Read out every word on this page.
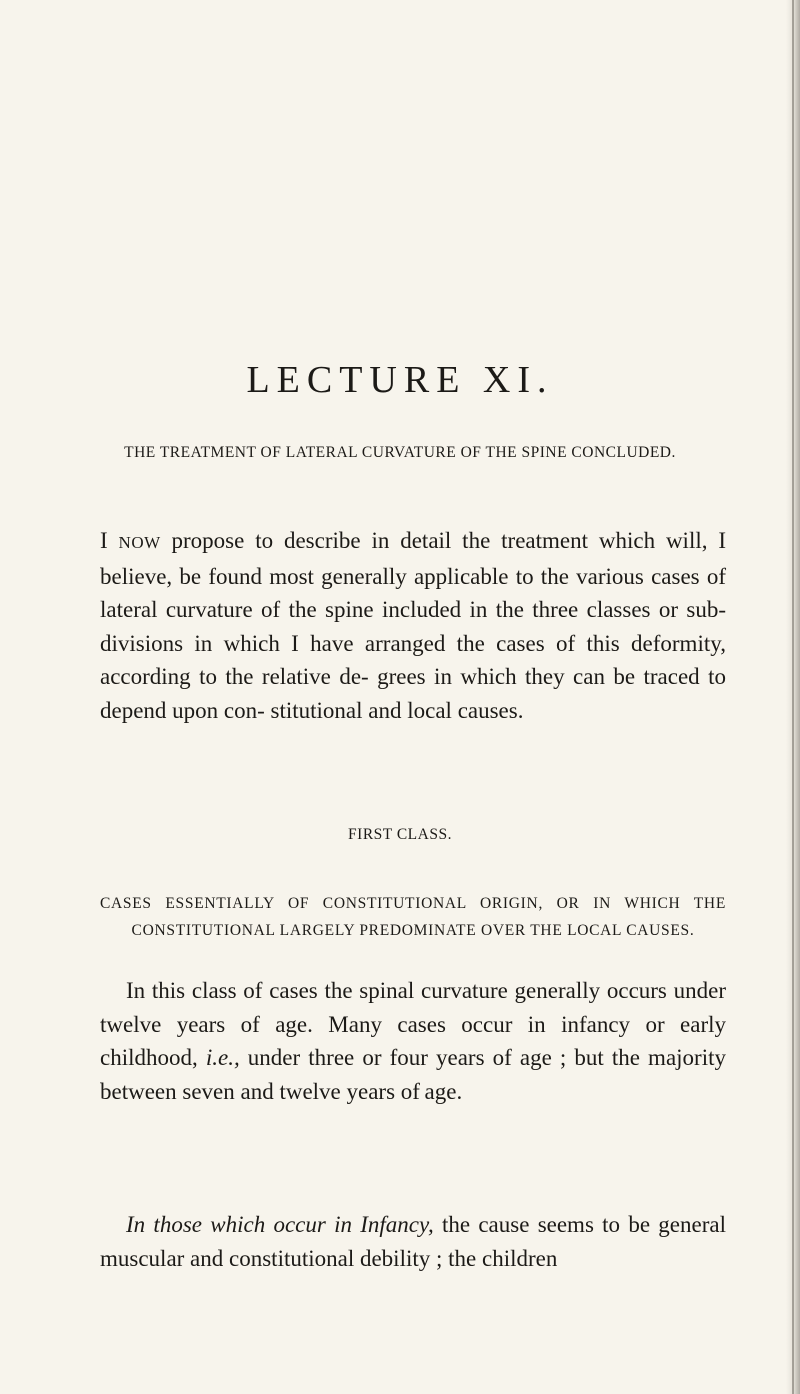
LECTURE XI.
THE TREATMENT OF LATERAL CURVATURE OF THE SPINE CONCLUDED.

I NOW propose to describe in detail the treatment which will, I believe, be found most generally applicable to the various cases of lateral curvature of the spine included in the three classes or sub-divisions in which I have arranged the cases of this deformity, according to the relative de- grees in which they can be traced to depend upon con- stitutional and local causes.

FIRST CLASS.

CASES ESSENTIALLY OF CONSTITUTIONAL ORIGIN, OR IN WHICH THE CONSTITUTIONAL LARGELY PREDOMINATE OVER THE LOCAL CAUSES.

In this class of cases the spinal curvature generally occurs under twelve years of age. Many cases occur in infancy or early childhood, i.e., under three or four years of age ; but the majority between seven and twelve years of age.

In those which occur in Infancy, the cause seems to be general muscular and constitutional debility ; the children
